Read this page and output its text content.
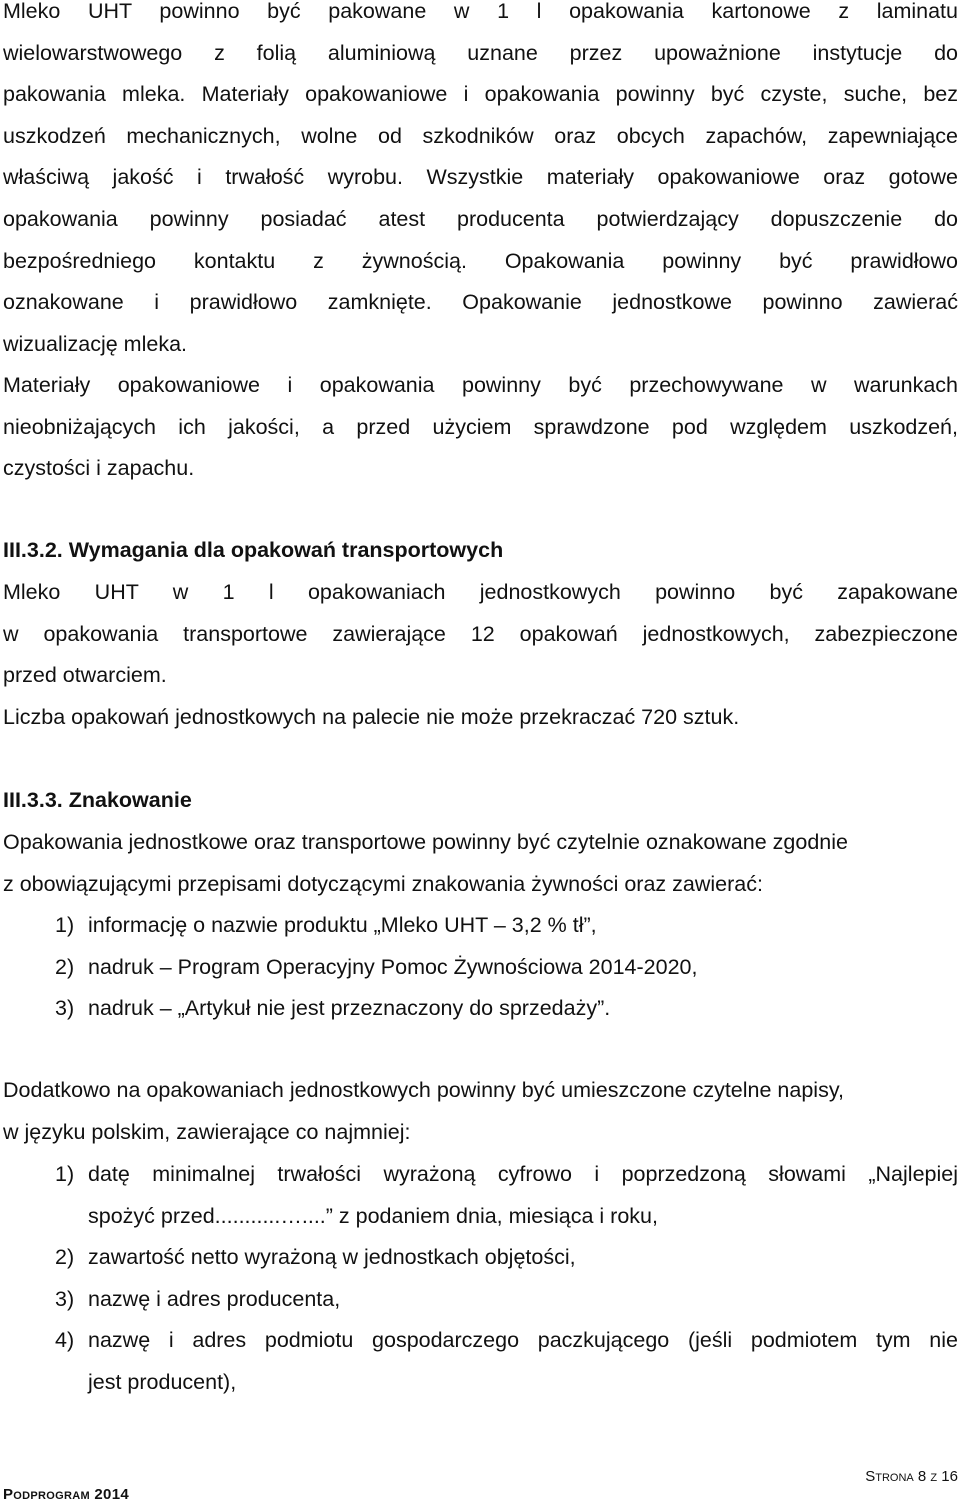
Mleko UHT powinno być pakowane w 1 l opakowania kartonowe z laminatu

wielowarstwowego z folią aluminiową uznane przez upoważnione instytucje do

pakowania mleka. Materiały opakowaniowe i opakowania powinny być czyste, suche, bez

uszkodzeń mechanicznych, wolne od szkodników oraz obcych zapachów, zapewniające

właściwą jakość i trwałość wyrobu. Wszystkie materiały opakowaniowe oraz gotowe

opakowania powinny posiadać atest producenta potwierdzający dopuszczenie do

bezpośredniego kontaktu z żywnością. Opakowania powinny być prawidłowo

oznakowane i prawidłowo zamknięte. Opakowanie jednostkowe powinno zawierać

wizualizację mleka.

Materiały opakowaniowe i opakowania powinny być przechowywane w warunkach

nieobniżających ich jakości, a przed użyciem sprawdzone pod względem uszkodzeń,

czystości i zapachu.

III.3.2. Wymagania dla opakowań transportowych

Mleko UHT w 1 l opakowaniach jednostkowych powinno być zapakowane

w opakowania transportowe zawierające 12 opakowań jednostkowych, zabezpieczone

przed otwarciem.

Liczba opakowań jednostkowych na palecie nie może przekraczać 720 sztuk.

III.3.3. Znakowanie

Opakowania jednostkowe oraz transportowe powinny być czytelnie oznakowane zgodnie

z obowiązującymi przepisami dotyczącymi znakowania żywności oraz zawierać:

1) informację o nazwie produktu „Mleko UHT – 3,2 % tł”,
2) nadruk – Program Operacyjny Pomoc Żywnościowa 2014-2020,
3) nadruk – „Artykuł nie jest przeznaczony do sprzedaży”.

Dodatkowo na opakowaniach jednostkowych powinny być umieszczone czytelne napisy,

w języku polskim, zawierające co najmniej:

1) datę minimalnej trwałości wyrażoną cyfrowo i poprzedzoną słowami „Najlepiej
spożyć przed...........…....” z podaniem dnia, miesiąca i roku,
2) zawartość netto wyrażoną w jednostkach objętości,
3) nazwę i adres producenta,
4) nazwę i adres podmiotu gospodarczego paczkującego (jeśli podmiotem tym nie
jest producent),
Strona 8 z 16
Podprogram 2014
